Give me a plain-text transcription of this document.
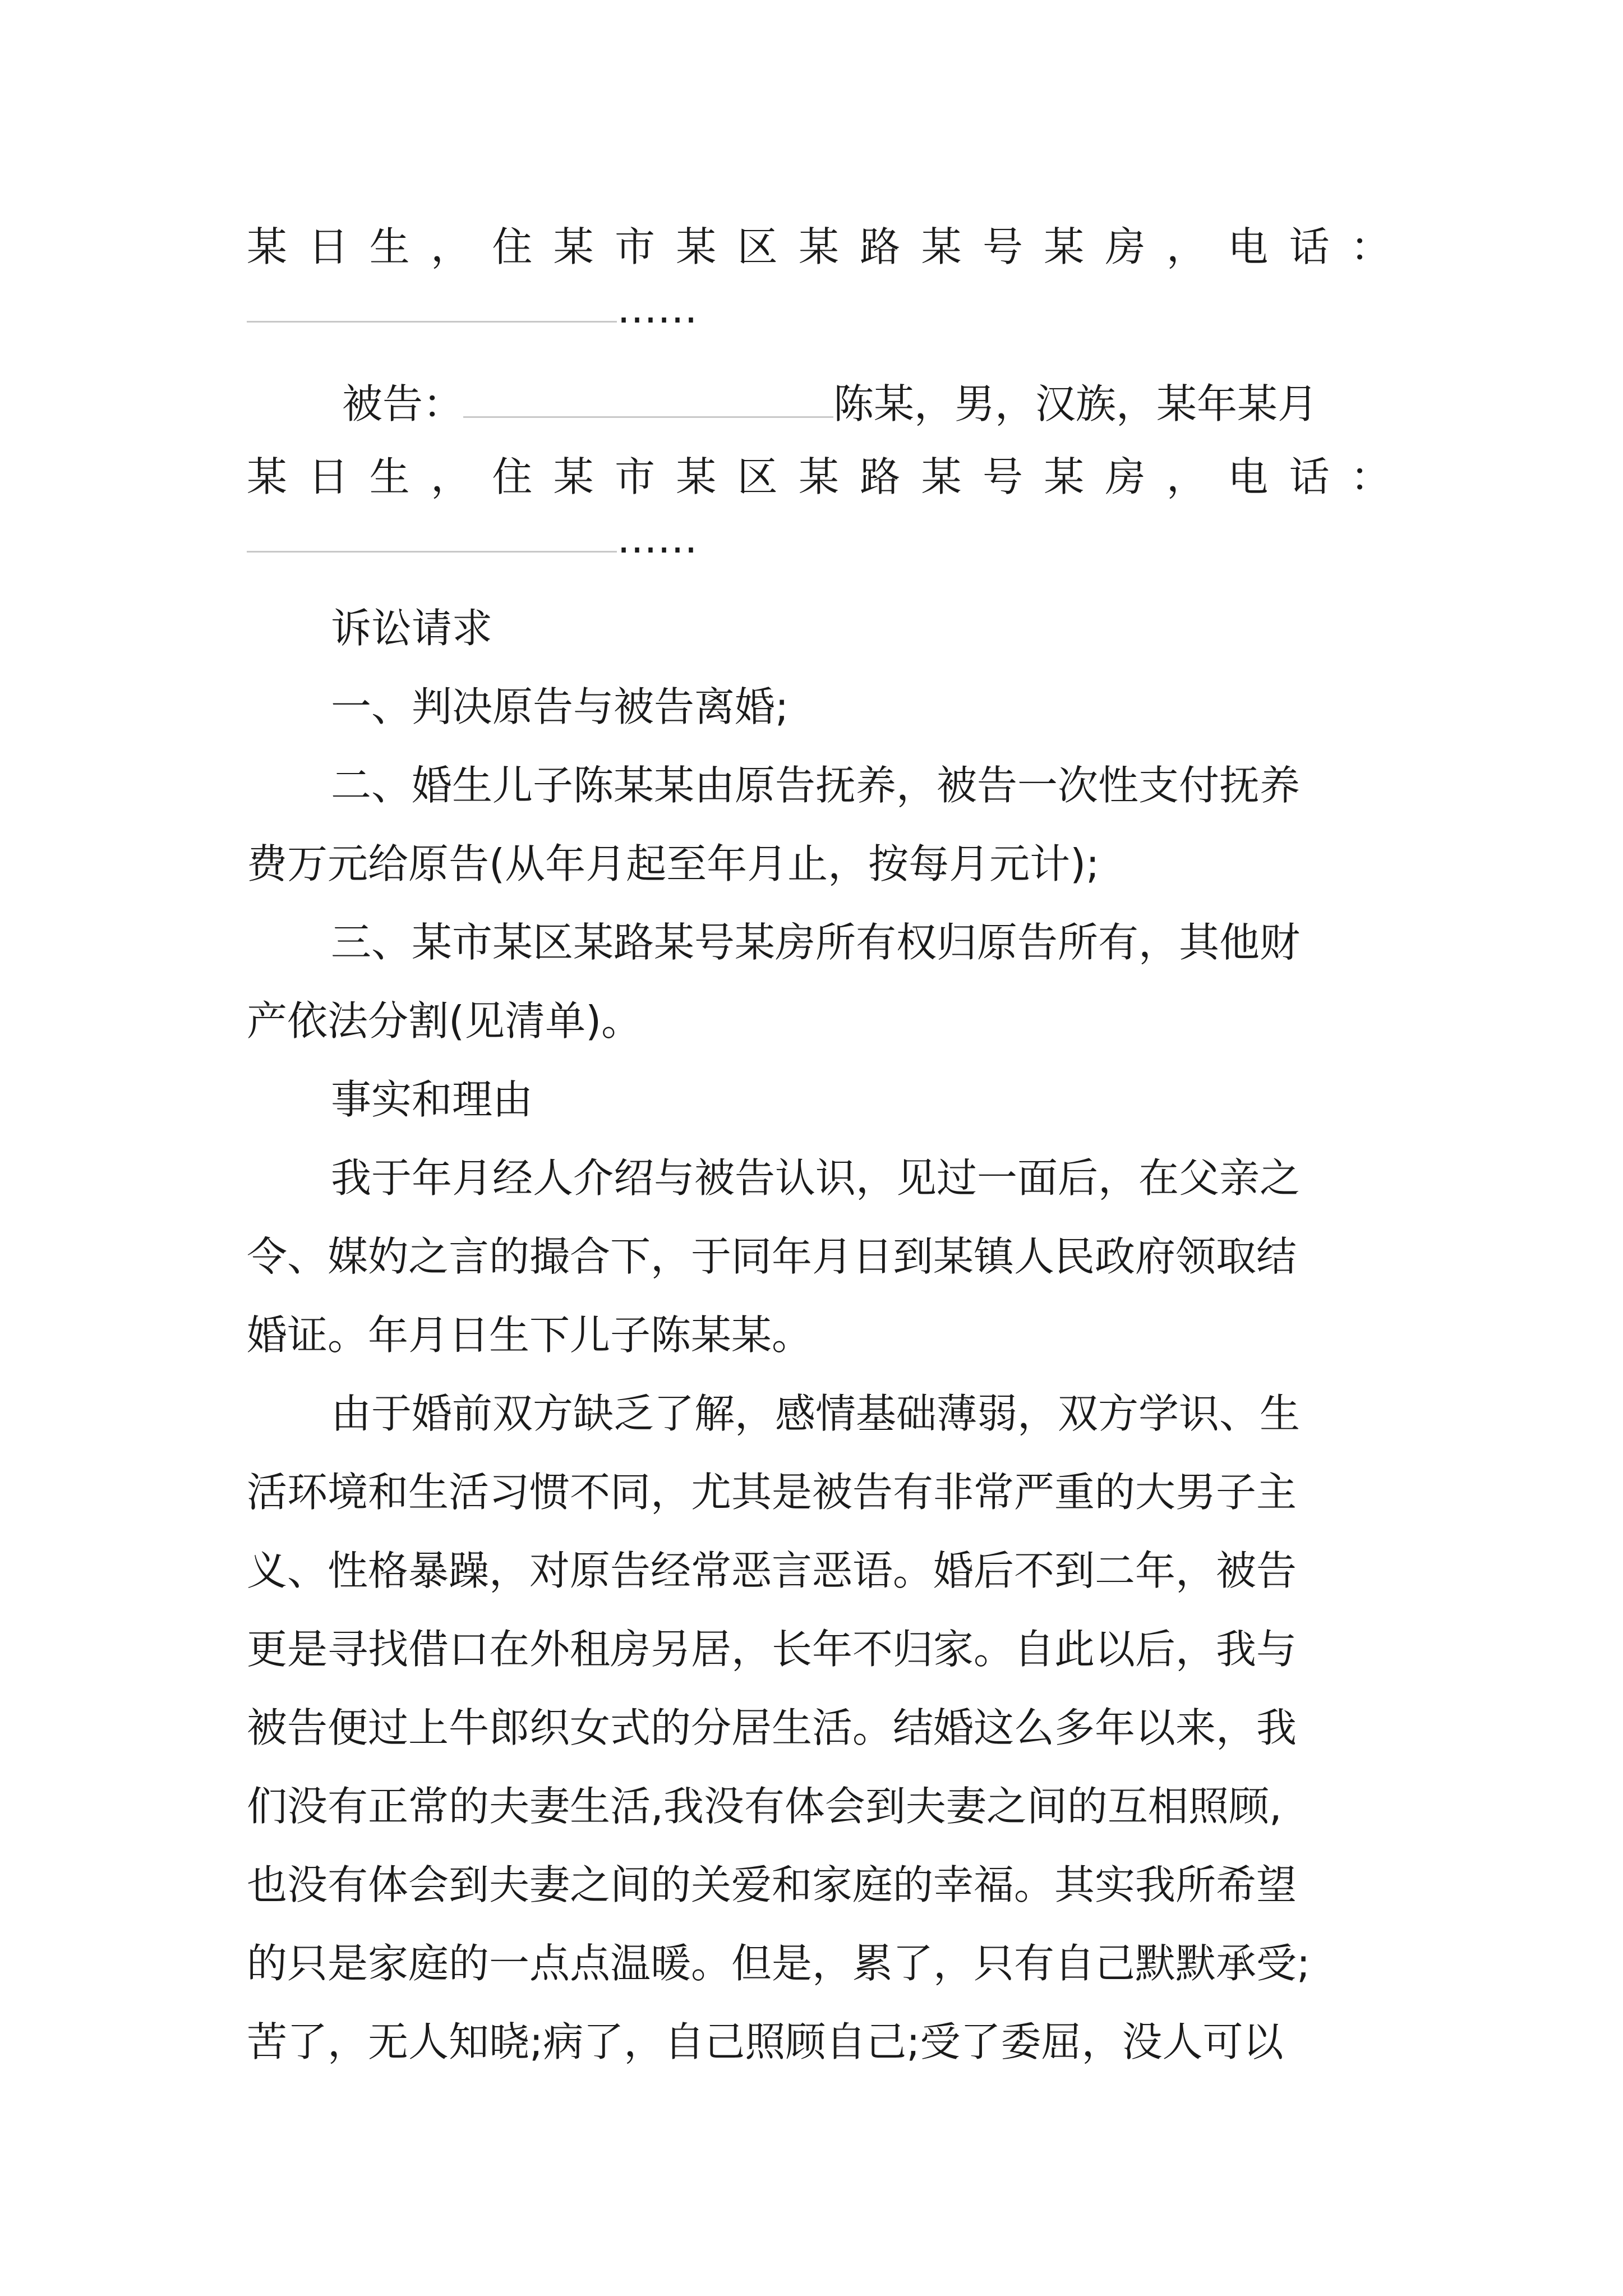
某 日 生 ， 住 某 市 某 区 某 路 某 号 某 房 ， 电 话 ：
……
被告：	陈某，男，汉族，某年某月
某 日 生 ， 住 某 市 某 区 某 路 某 号 某 房 ， 电 话 ：
……
诉讼请求
一、判决原告与被告离婚;
二、婚生儿子陈某某由原告抚养，被告一次性支付抚养
费万元给原告(从年月起至年月止，按每月元计);
三、某市某区某路某号某房所有权归原告所有，其他财
产依法分割(见清单)。
事实和理由
我于年月经人介绍与被告认识，见过一面后，在父亲之
令、媒妁之言的撮合下，于同年月日到某镇人民政府领取结
婚证。年月日生下儿子陈某某。
由于婚前双方缺乏了解，感情基础薄弱，双方学识、生
活环境和生活习惯不同，尤其是被告有非常严重的大男子主
义、性格暴躁，对原告经常恶言恶语。婚后不到二年，被告
更是寻找借口在外租房另居，长年不归家。自此以后，我与
被告便过上牛郎织女式的分居生活。结婚这么多年以来，我
们没有正常的夫妻生活,我没有体会到夫妻之间的互相照顾,
也没有体会到夫妻之间的关爱和家庭的幸福。其实我所希望
的只是家庭的一点点温暖。但是，累了，只有自己默默承受;
苦了，无人知晓;病了，自己照顾自己;受了委屈，没人可以
